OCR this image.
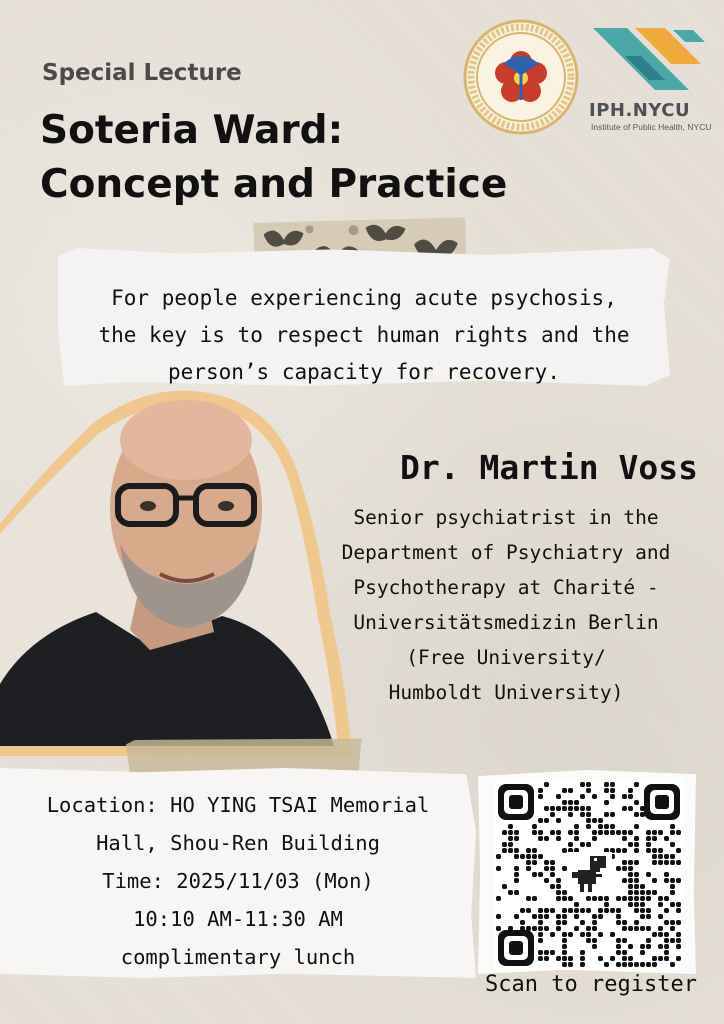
Special Lecture
Soteria Ward:
Concept and Practice
IPH.NYCU
Institute of Public Health, NYCU
For people experiencing acute psychosis,
the key is to respect human rights and the
person’s capacity for recovery.
Dr. Martin Voss
Senior psychiatrist in the
Department of Psychiatry and
Psychotherapy at Charité -
Universitätsmedizin Berlin
(Free University/
Humboldt University)
Location: HO YING TSAI Memorial
Hall, Shou-Ren Building
Time: 2025/11/03 (Mon)
10:10 AM-11:30 AM
complimentary lunch
Scan to register
